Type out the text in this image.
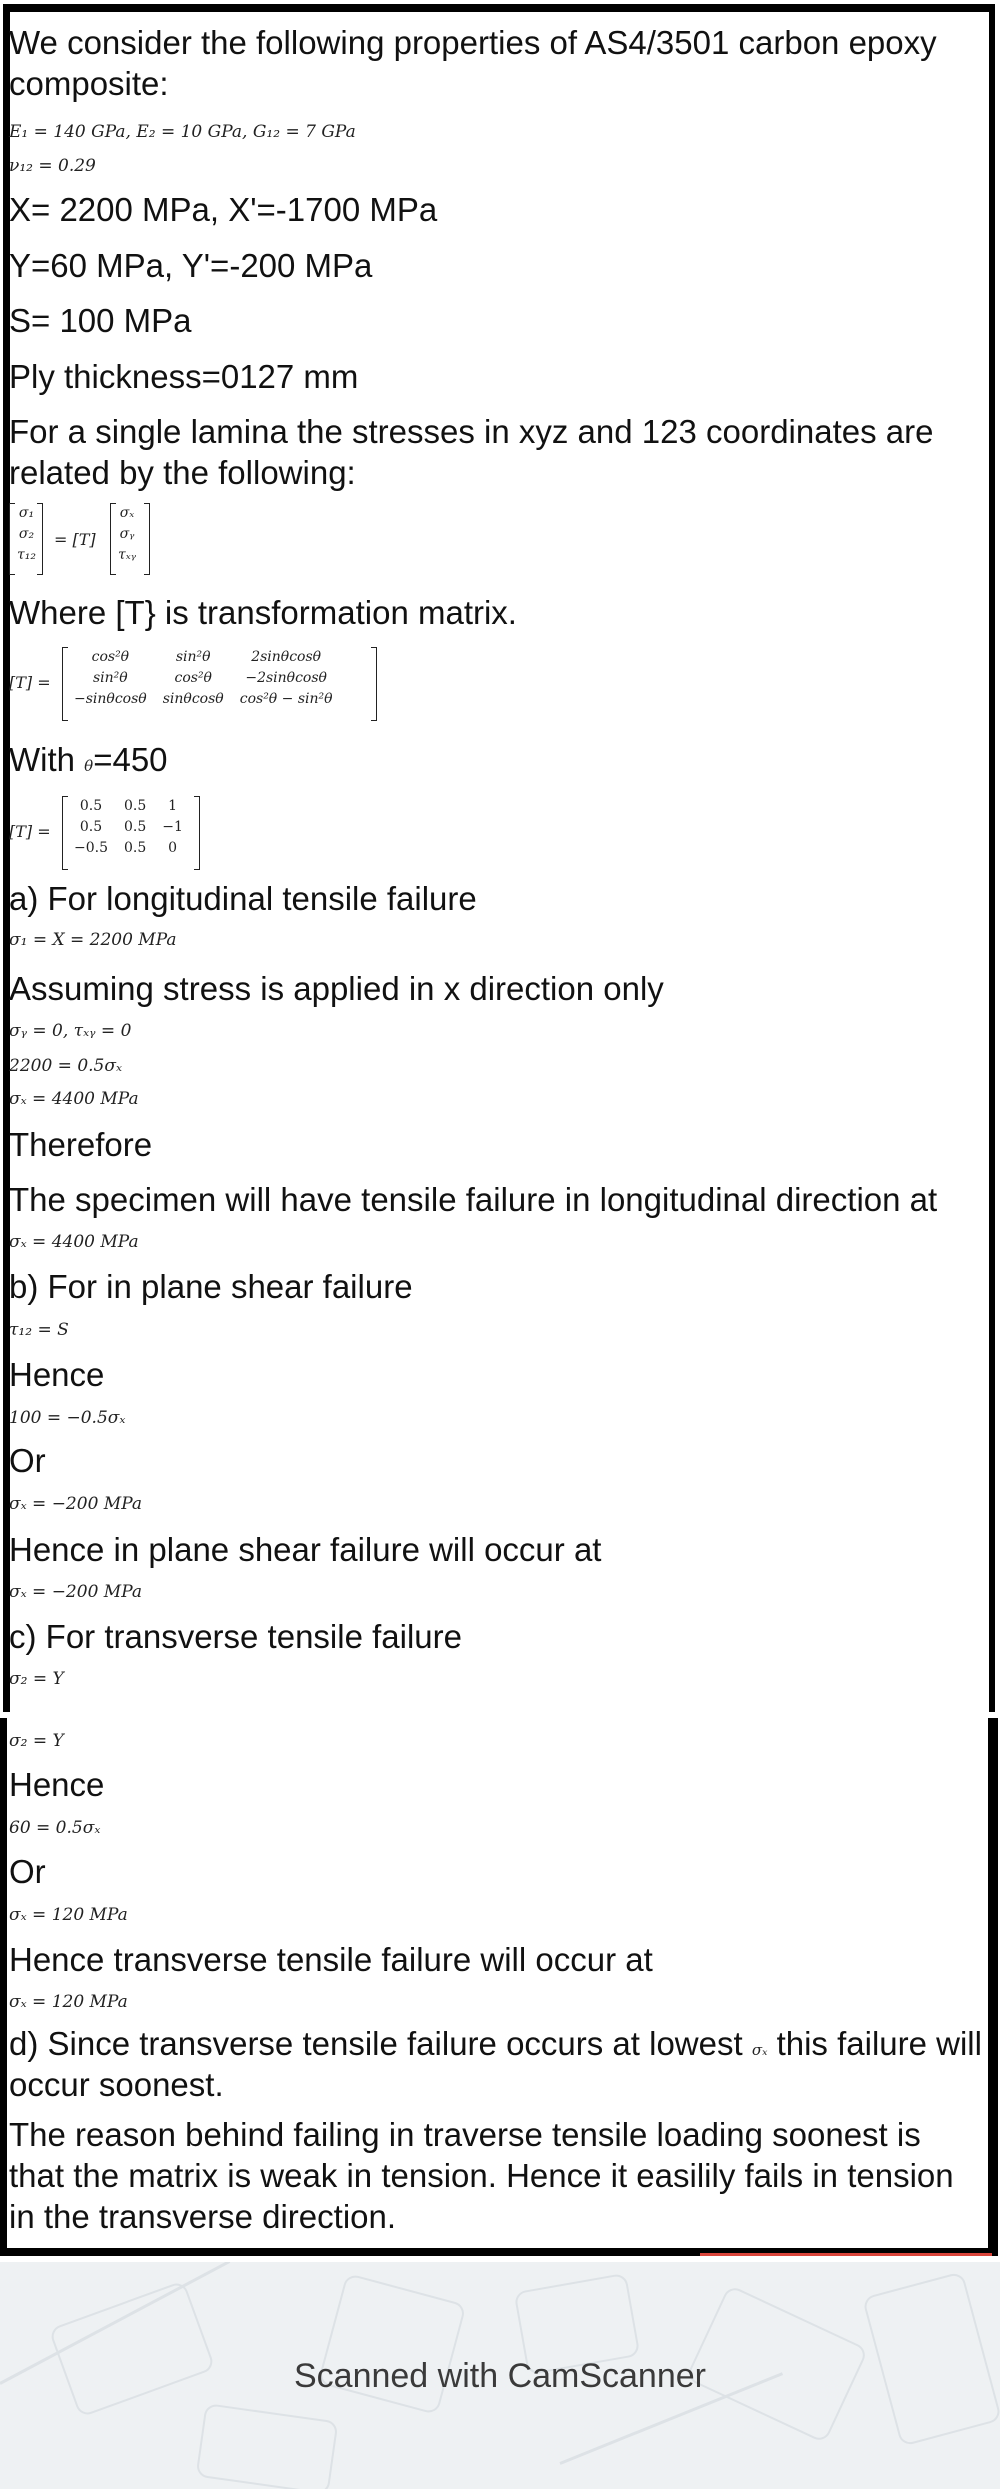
We consider the following properties of AS4/3501 carbon epoxy composite:
E₁ = 140 GPa, E₂ = 10 GPa, G₁₂ = 7 GPa
ν₁₂ = 0.29
X= 2200 MPa, X'=-1700 MPa
Y=60 MPa, Y'=-200 MPa
S= 100 MPa
Ply thickness=0127 mm
For a single lamina the stresses in xyz and 123 coordinates are related by the following:
σ₁
σ₂
τ₁₂
= [T]
σₓ
σᵧ
τₓᵧ
Where [T} is transformation matrix.
[T] =
cos²θ	sin²θ	2sinθcosθ
sin²θ	cos²θ	−2sinθcosθ
−sinθcosθ	sinθcosθ	cos²θ − sin²θ
With θ=450
[T] =
0.5	0.5	1
0.5	0.5	−1
−0.5	0.5	0
a) For longitudinal tensile failure
σ₁ = X = 2200 MPa
Assuming stress is applied in x direction only
σᵧ = 0, τₓᵧ = 0
2200 = 0.5σₓ
σₓ = 4400 MPa
Therefore
The specimen will have tensile failure in longitudinal direction at
σₓ = 4400 MPa
b) For in plane shear failure
τ₁₂ = S
Hence
100 = −0.5σₓ
Or
σₓ = −200 MPa
Hence in plane shear failure will occur at
σₓ = −200 MPa
c) For transverse tensile failure
σ₂ = Y
σ₂ = Y
Hence
60 = 0.5σₓ
Or
σₓ = 120 MPa
Hence transverse tensile failure will occur at
σₓ = 120 MPa
d) Since transverse tensile failure occurs at lowest σₓ this failure will occur soonest.
The reason behind failing in traverse tensile loading soonest is that the matrix is weak in tension. Hence it easilily fails in tension in the transverse direction.
Scanned with CamScanner
